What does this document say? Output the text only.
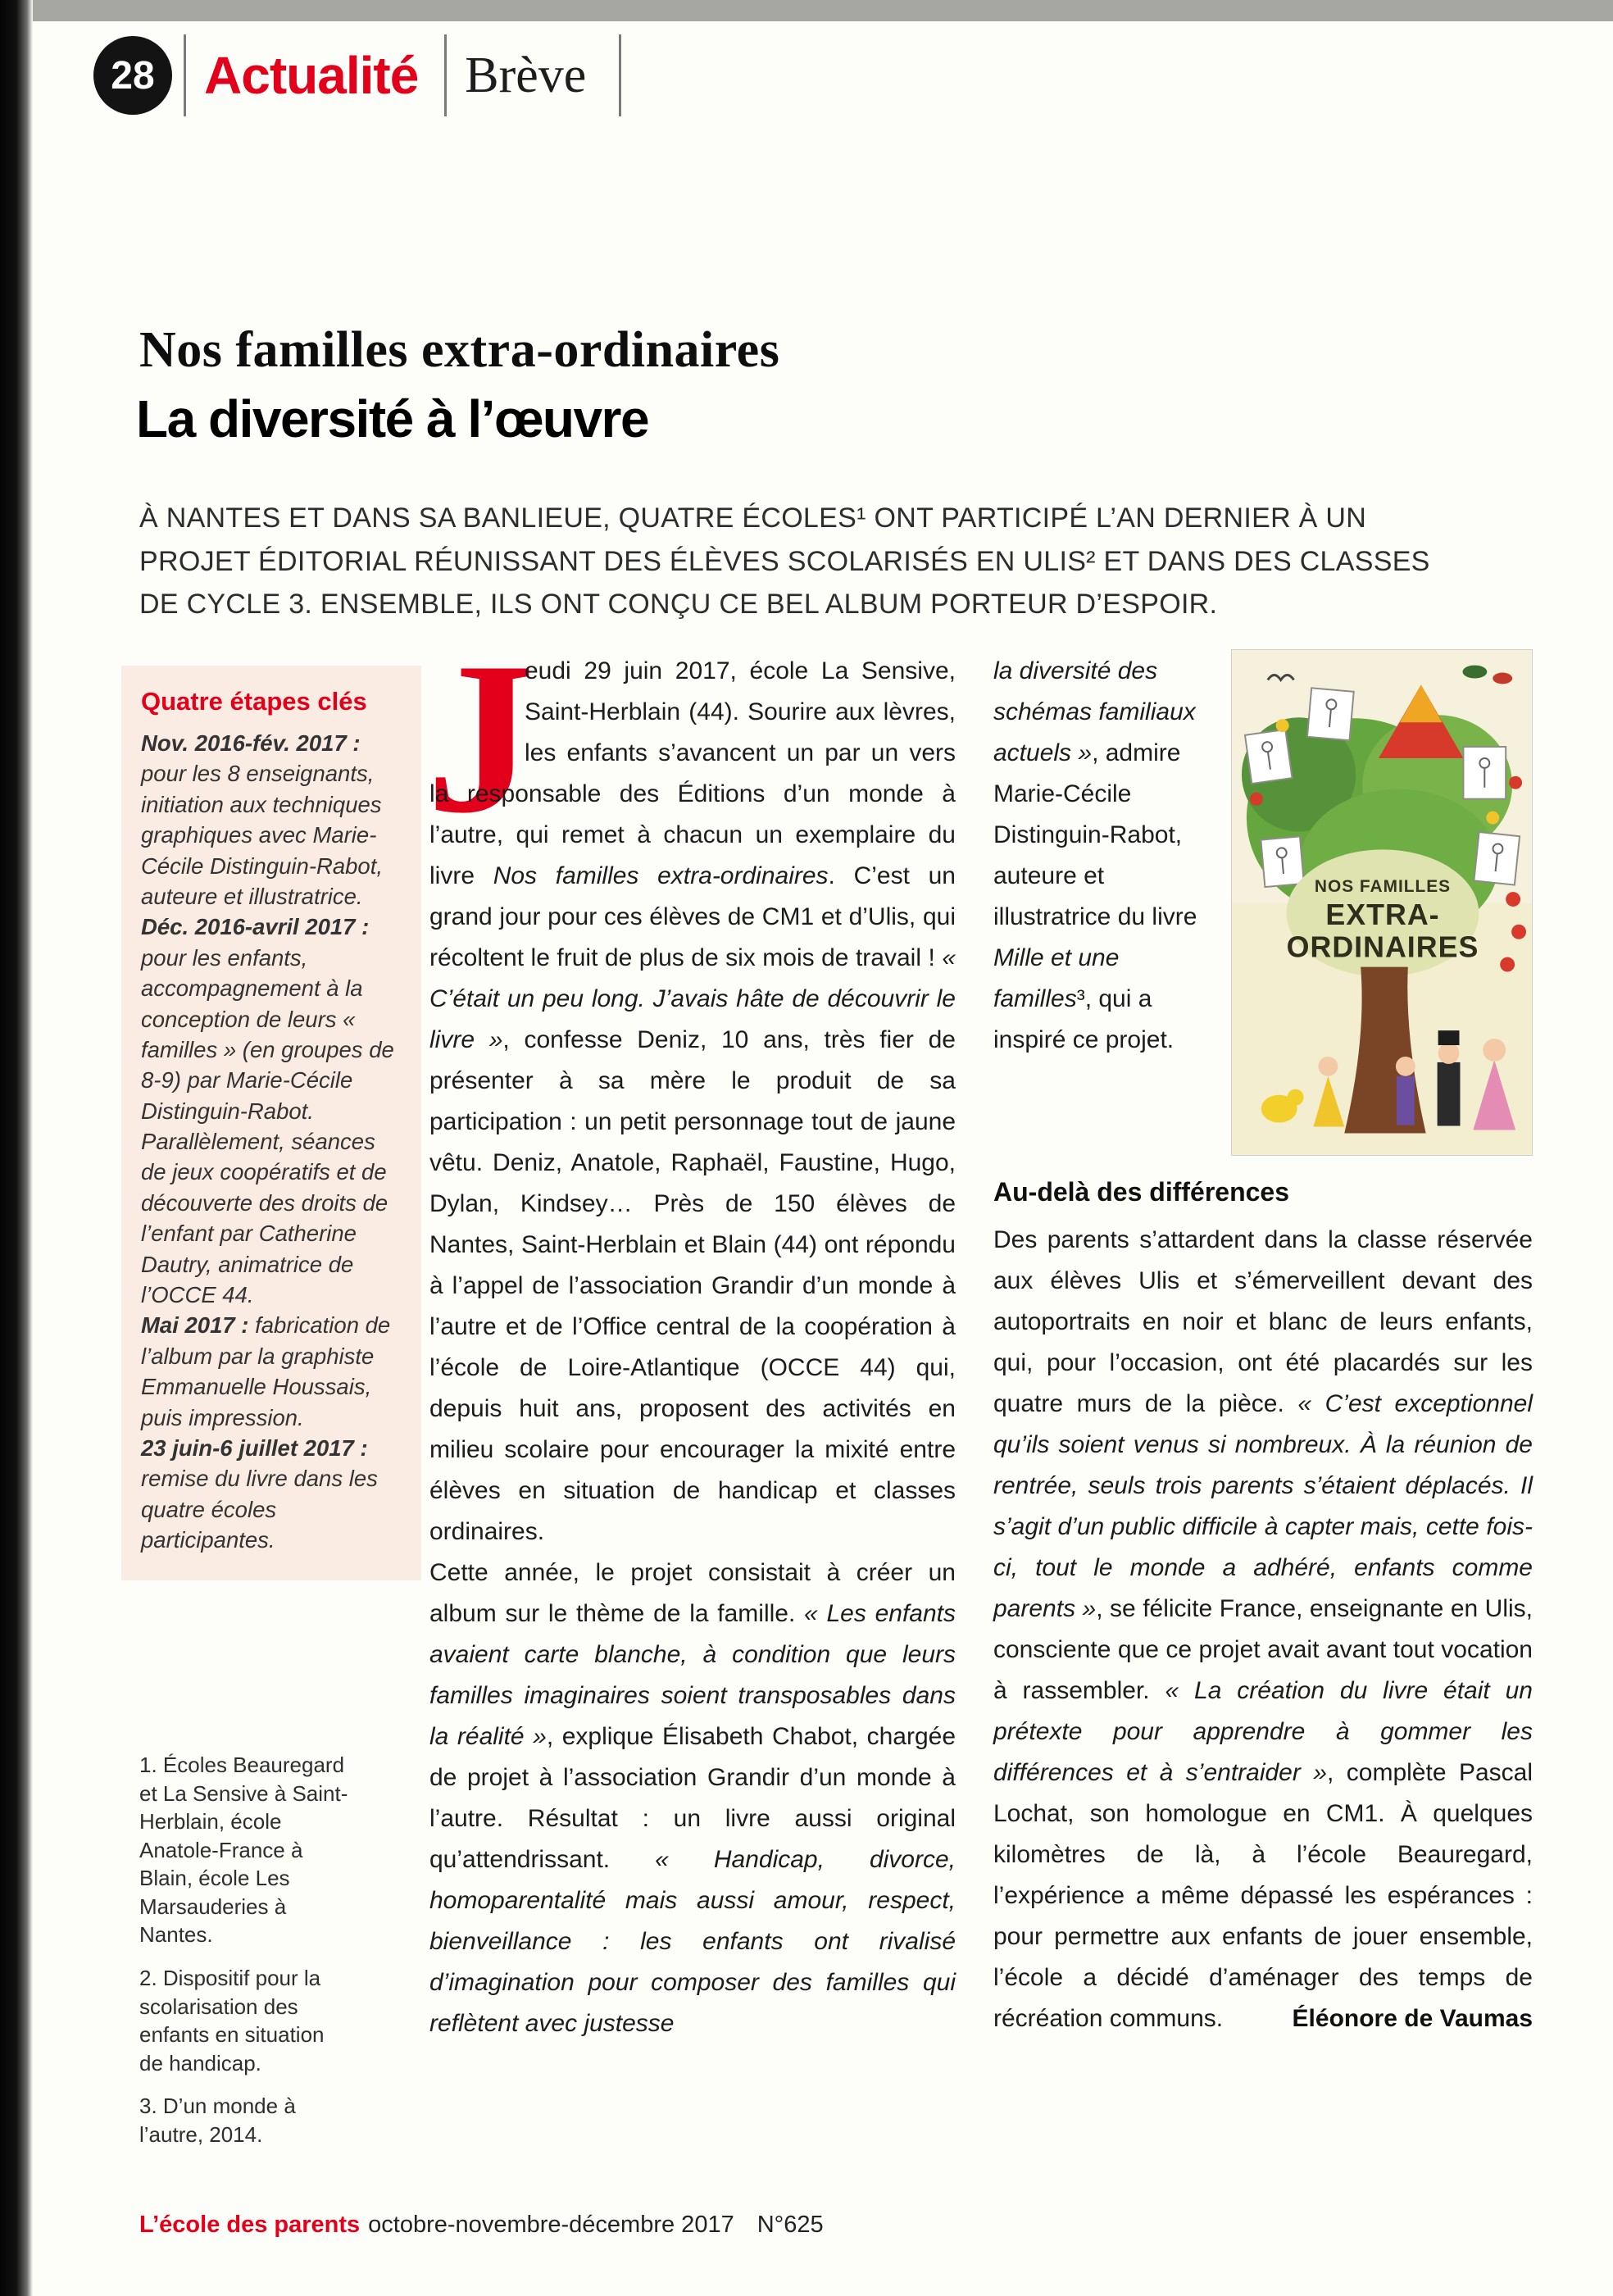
28 Actualité Brève
Nos familles extra-ordinaires
La diversité à l’œuvre

À NANTES ET DANS SA BANLIEUE, QUATRE ÉCOLES¹ ONT PARTICIPÉ L’AN DERNIER À UN PROJET ÉDITORIAL RÉUNISSANT DES ÉLÈVES SCOLARISÉS EN ULIS² ET DANS DES CLASSES DE CYCLE 3. ENSEMBLE, ILS ONT CONÇU CE BEL ALBUM PORTEUR D’ESPOIR.

Quatre étapes clés

Nov. 2016-fév. 2017 : pour les 8 enseignants, initiation aux techniques graphiques avec Marie-Cécile Distinguin-Rabot, auteure et illustratrice.

Déc. 2016-avril 2017 : pour les enfants, accompagnement à la conception de leurs « familles » (en groupes de 8-9) par Marie-Cécile Distinguin-Rabot. Parallèlement, séances de jeux coopératifs et de découverte des droits de l’enfant par Catherine Dautry, animatrice de l’OCCE 44.

Mai 2017 : fabrication de l’album par la graphiste Emmanuelle Houssais, puis impression.

23 juin-6 juillet 2017 : remise du livre dans les quatre écoles participantes.

1. Écoles Beauregard et La Sensive à Saint-Herblain, école Anatole-France à Blain, école Les Marsauderies à Nantes.

2. Dispositif pour la scolarisation des enfants en situation de handicap.

3. D’un monde à l’autre, 2014.

J

eudi 29 juin 2017, école La Sensive, Saint-Herblain (44). Sourire aux lèvres, les enfants s’avancent un par un vers la responsable des Éditions d’un monde à l’autre, qui remet à chacun un exemplaire du livre Nos familles extra-ordinaires. C’est un grand jour pour ces élèves de CM1 et d’Ulis, qui récoltent le fruit de plus de six mois de travail ! « C’était un peu long. J’avais hâte de découvrir le livre », confesse Deniz, 10 ans, très fier de présenter à sa mère le produit de sa participation : un petit personnage tout de jaune vêtu. Deniz, Anatole, Raphaël, Faustine, Hugo, Dylan, Kindsey… Près de 150 élèves de Nantes, Saint-Herblain et Blain (44) ont répondu à l’appel de l’association Grandir d’un monde à l’autre et de l’Office central de la coopération à l’école de Loire-Atlantique (OCCE 44) qui, depuis huit ans, proposent des activités en milieu scolaire pour encourager la mixité entre élèves en situation de handicap et classes ordinaires.

Cette année, le projet consistait à créer un album sur le thème de la famille. « Les enfants avaient carte blanche, à condition que leurs familles imaginaires soient transposables dans la réalité », explique Élisabeth Chabot, chargée de projet à l’association Grandir d’un monde à l’autre. Résultat : un livre aussi original qu’attendrissant. « Handicap, divorce, homoparentalité mais aussi amour, respect, bienveillance : les enfants ont rivalisé d’imagination pour composer des familles qui reflètent avec justesse

la diversité des schémas familiaux actuels », admire Marie-Cécile Distinguin-Rabot, auteure et illustratrice du livre Mille et une familles³, qui a inspiré ce projet.

NOS FAMILLES
EXTRA-
ORDINAIRES
Au-delà des différences

Des parents s’attardent dans la classe réservée aux élèves Ulis et s’émerveillent devant des autoportraits en noir et blanc de leurs enfants, qui, pour l’occasion, ont été placardés sur les quatre murs de la pièce. « C’est exceptionnel qu’ils soient venus si nombreux. À la réunion de rentrée, seuls trois parents s’étaient déplacés. Il s’agit d’un public difficile à capter mais, cette fois-ci, tout le monde a adhéré, enfants comme parents », se félicite France, enseignante en Ulis, consciente que ce projet avait avant tout vocation à rassembler. « La création du livre était un prétexte pour apprendre à gommer les différences et à s’entraider », complète Pascal Lochat, son homologue en CM1. À quelques kilomètres de là, à l’école Beauregard, l’expérience a même dépassé les espérances : pour permettre aux enfants de jouer ensemble, l’école a décidé d’aménager des temps de récréation communs.	Éléonore de Vaumas
L’école des parents octobre-novembre-décembre 2017 N°625
